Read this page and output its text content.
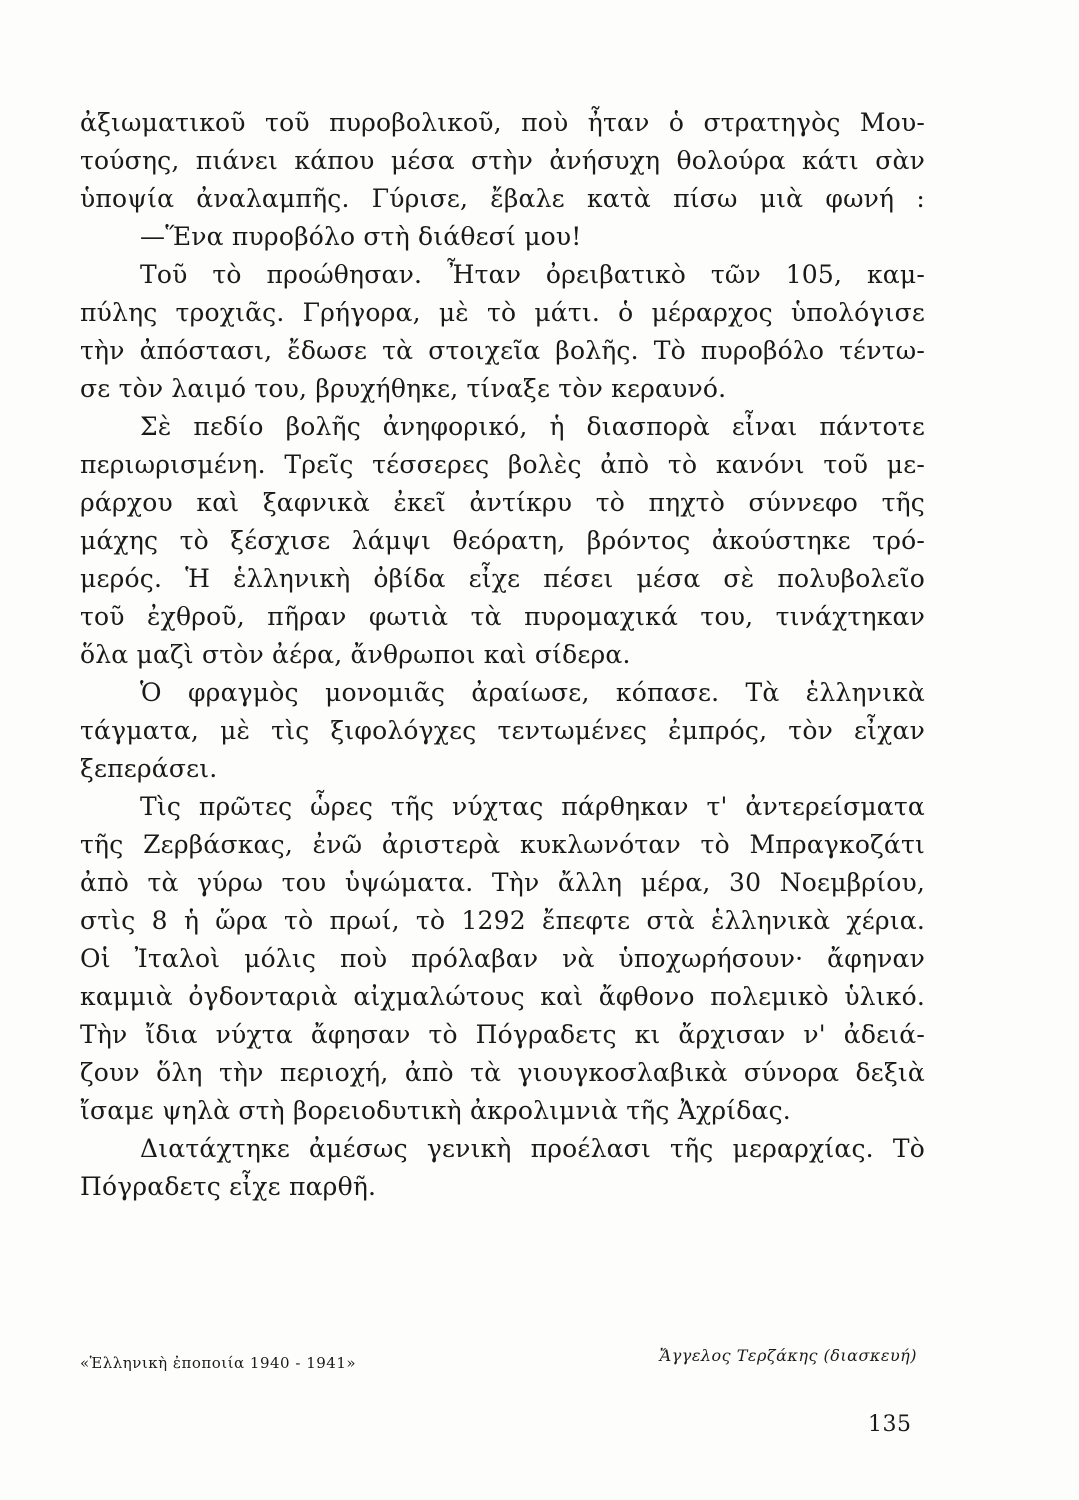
ἀξιωματικοῦ τοῦ πυροβολικοῦ, ποὺ ἦταν ὁ στρατηγὸς Μου-
τούσης, πιάνει κάπου μέσα στὴν ἀνήσυχη θολούρα κάτι σὰν
ὑποψία ἀναλαμπῆς. Γύρισε, ἔβαλε κατὰ πίσω μιὰ φωνή :
—Ἕνα πυροβόλο στὴ διάθεσί μου!
Τοῦ τὸ προώθησαν. Ἦταν ὀρειβατικὸ τῶν 105, καμ-
πύλης τροχιᾶς. Γρήγορα, μὲ τὸ μάτι. ὁ μέραρχος ὑπολόγισε
τὴν ἀπόστασι, ἔδωσε τὰ στοιχεῖα βολῆς. Τὸ πυροβόλο τέντω-
σε τὸν λαιμό του, βρυχήθηκε, τίναξε τὸν κεραυνό.
Σὲ πεδίο βολῆς ἀνηφορικό, ἡ διασπορὰ εἶναι πάντοτε
περιωρισμένη. Τρεῖς τέσσερες βολὲς ἀπὸ τὸ κανόνι τοῦ με-
ράρχου καὶ ξαφνικὰ ἐκεῖ ἀντίκρυ τὸ πηχτὸ σύννεφο τῆς
μάχης τὸ ξέσχισε λάμψι θεόρατη, βρόντος ἀκούστηκε τρό-
μερός. Ἡ ἑλληνικὴ ὀβίδα εἶχε πέσει μέσα σὲ πολυβολεῖο
τοῦ ἐχθροῦ, πῆραν φωτιὰ τὰ πυρομαχικά του, τινάχτηκαν
ὅλα μαζὶ στὸν ἀέρα, ἄνθρωποι καὶ σίδερα.
Ὁ φραγμὸς μονομιᾶς ἀραίωσε, κόπασε. Τὰ ἑλληνικὰ
τάγματα, μὲ τὶς ξιφολόγχες τεντωμένες ἐμπρός, τὸν εἶχαν
ξεπεράσει.
Τὶς πρῶτες ὧρες τῆς νύχτας πάρθηκαν τ' ἀντερείσματα
τῆς Ζερβάσκας, ἐνῶ ἀριστερὰ κυκλωνόταν τὸ Μπραγκοζάτι
ἀπὸ τὰ γύρω του ὑψώματα. Τὴν ἄλλη μέρα, 30 Νοεμβρίου,
στὶς 8 ἡ ὥρα τὸ πρωί, τὸ 1292 ἔπεφτε στὰ ἑλληνικὰ χέρια.
Οἱ Ἰταλοὶ μόλις ποὺ πρόλαβαν νὰ ὑποχωρήσουν· ἄφηναν
καμμιὰ ὀγδονταριὰ αἰχμαλώτους καὶ ἄφθονο πολεμικὸ ὑλικό.
Τὴν ἴδια νύχτα ἄφησαν τὸ Πόγραδετς κι ἄρχισαν ν' ἀδειά-
ζουν ὅλη τὴν περιοχή, ἀπὸ τὰ γιουγκοσλαβικὰ σύνορα δεξιὰ
ἴσαμε ψηλὰ στὴ βορειοδυτικὴ ἀκρολιμνιὰ τῆς Ἀχρίδας.
Διατάχτηκε ἀμέσως γενικὴ προέλασι τῆς μεραρχίας. Τὸ
Πόγραδετς εἶχε παρθῆ.
«Ἑλληνικὴ ἐποποιία 1940 - 1941»	Ἄγγελος Τερζάκης (διασκευή)
135
